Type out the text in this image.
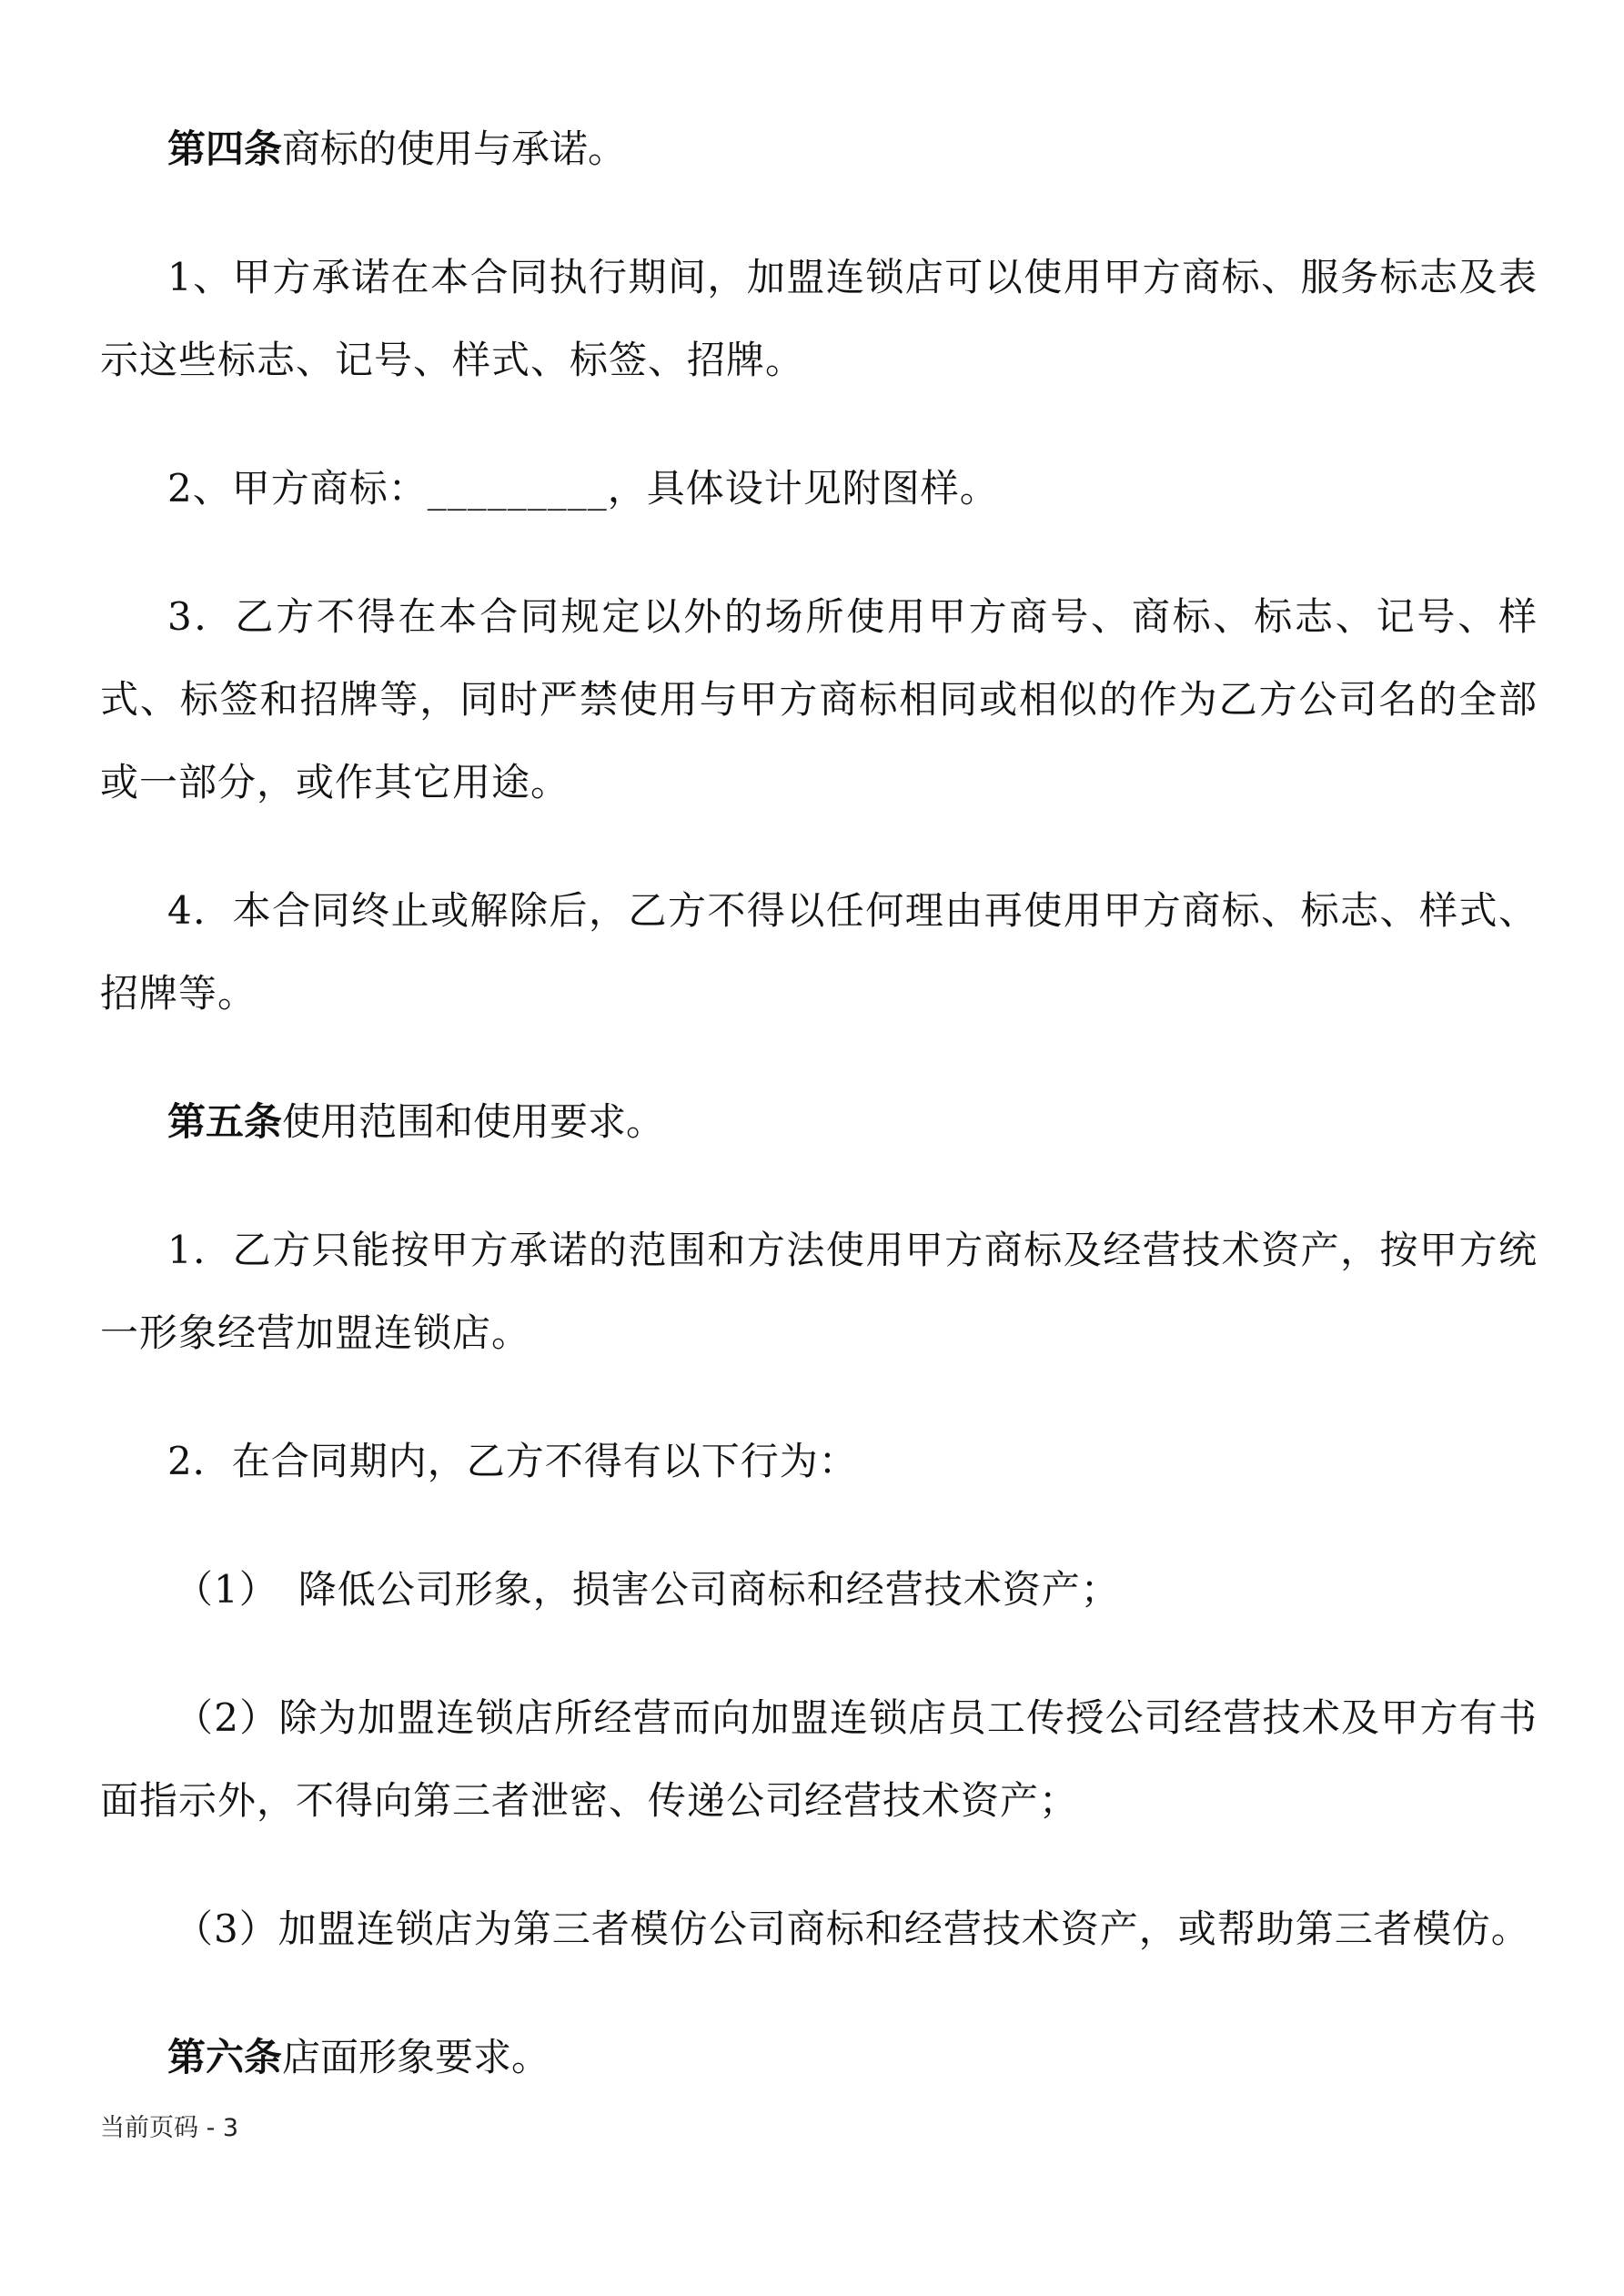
第四条商标的使用与承诺。

1、甲方承诺在本合同执行期间，加盟连锁店可以使用甲方商标、服务标志及表示这些标志、记号、样式、标签、招牌。

2、甲方商标：_________，具体设计见附图样。

3．乙方不得在本合同规定以外的场所使用甲方商号、商标、标志、记号、样式、标签和招牌等，同时严禁使用与甲方商标相同或相似的作为乙方公司名的全部或一部分，或作其它用途。

4．本合同终止或解除后，乙方不得以任何理由再使用甲方商标、标志、样式、招牌等。

第五条使用范围和使用要求。

1．乙方只能按甲方承诺的范围和方法使用甲方商标及经营技术资产，按甲方统一形象经营加盟连锁店。

2．在合同期内，乙方不得有以下行为：

（1）　降低公司形象，损害公司商标和经营技术资产；

（2）除为加盟连锁店所经营而向加盟连锁店员工传授公司经营技术及甲方有书面指示外，不得向第三者泄密、传递公司经营技术资产；

（3）加盟连锁店为第三者模仿公司商标和经营技术资产，或帮助第三者模仿。

第六条店面形象要求。

当前页码 - 3
